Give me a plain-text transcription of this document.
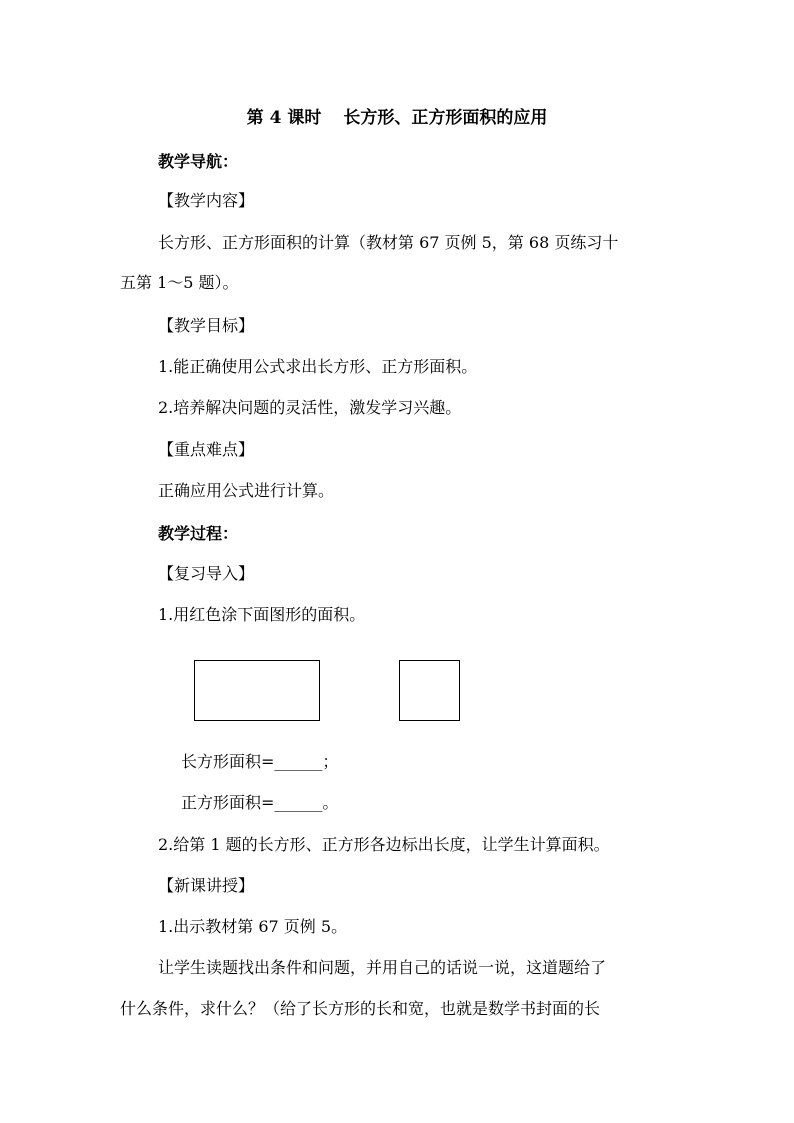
第 4 课时 长方形、正方形面积的应用
教学导航：
【教学内容】
长方形、正方形面积的计算（教材第 67 页例 5，第 68 页练习十
五第 1～5 题）。
【教学目标】
1.能正确使用公式求出长方形、正方形面积。
2.培养解决问题的灵活性，激发学习兴趣。
【重点难点】
正确应用公式进行计算。
教学过程：
【复习导入】
1.用红色涂下面图形的面积。
长方形面积=______；
正方形面积=______。
2.给第 1 题的长方形、正方形各边标出长度，让学生计算面积。
【新课讲授】
1.出示教材第 67 页例 5。
让学生读题找出条件和问题，并用自己的话说一说，这道题给了
什么条件，求什么？（给了长方形的长和宽，也就是数学书封面的长
